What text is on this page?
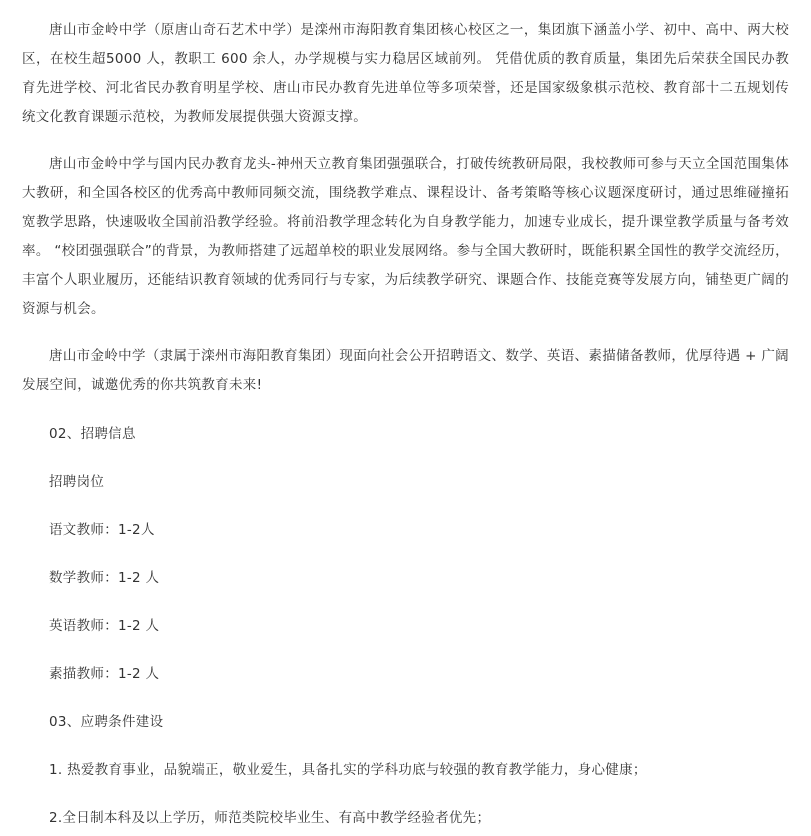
唐山市金岭中学（原唐山奇石艺术中学）是滦州市海阳教育集团核心校区之一，集团旗下涵盖小学、初中、高中、两大校区，在校生超5000 人，教职工 600 余人，办学规模与实力稳居区域前列。 凭借优质的教育质量，集团先后荣获全国民办教育先进学校、河北省民办教育明星学校、唐山市民办教育先进单位等多项荣誉，还是国家级象棋示范校、教育部十二五规划传统文化教育课题示范校，为教师发展提供强大资源支撑。

唐山市金岭中学与国内民办教育龙头-神州天立教育集团强强联合，打破传统教研局限，我校教师可参与天立全国范围集体大教研，和全国各校区的优秀高中教师同频交流，围绕教学难点、课程设计、备考策略等核心议题深度研讨，通过思维碰撞拓宽教学思路，快速吸收全国前沿教学经验。将前沿教学理念转化为自身教学能力，加速专业成长，提升课堂教学质量与备考效率。 “校团强强联合”的背景，为教师搭建了远超单校的职业发展网络。参与全国大教研时，既能积累全国性的教学交流经历，丰富个人职业履历，还能结识教育领域的优秀同行与专家，为后续教学研究、课题合作、技能竞赛等发展方向，铺垫更广阔的资源与机会。

唐山市金岭中学（隶属于滦州市海阳教育集团）现面向社会公开招聘语文、数学、英语、素描储备教师，优厚待遇 + 广阔发展空间，诚邀优秀的你共筑教育未来!

02、招聘信息
招聘岗位
语文教师：1-2人
数学教师：1-2 人
英语教师：1-2 人
素描教师：1-2 人
03、应聘条件建设
1. 热爱教育事业，品貌端正，敬业爱生，具备扎实的学科功底与较强的教育教学能力，身心健康；
2.全日制本科及以上学历，师范类院校毕业生、有高中教学经验者优先；
